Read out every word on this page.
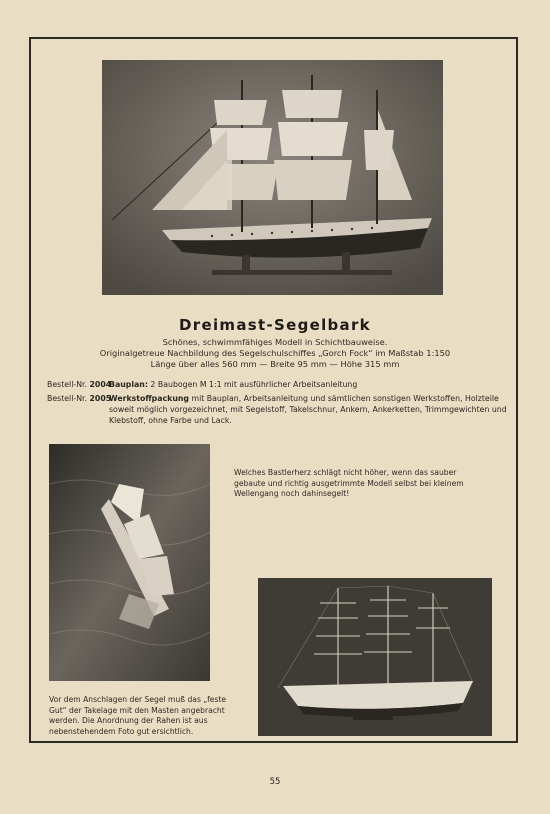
Dreimast-Segelbark
Schönes, schwimmfähiges Modell in Schichtbauweise.
Originalgetreue Nachbildung des Segelschulschiffes „Gorch Fock“ im Maßstab 1:150
Länge über alles 560 mm — Breite 95 mm — Höhe 315 mm
Bestell-Nr. 2004
Bauplan: 2 Baubogen M 1:1 mit ausführlicher Arbeitsanleitung
Bestell-Nr. 2005
Werkstoffpackung mit Bauplan, Arbeitsanleitung und sämtlichen sonstigen Werkstoffen, Holzteile soweit möglich vorgezeichnet, mit Segelstoff, Takelschnur, Ankern, Ankerketten, Trimmgewichten und Klebstoff, ohne Farbe und Lack.
Welches Bastlerherz schlägt nicht höher, wenn das sauber gebaute und richtig ausgetrimmte Modell selbst bei kleinem Wellengang noch dahinsegelt!
Vor dem Anschlagen der Segel muß das „feste Gut“ der Takelage mit den Masten angebracht werden. Die Anordnung der Rahen ist aus nebenstehendem Foto gut ersichtlich.
55
